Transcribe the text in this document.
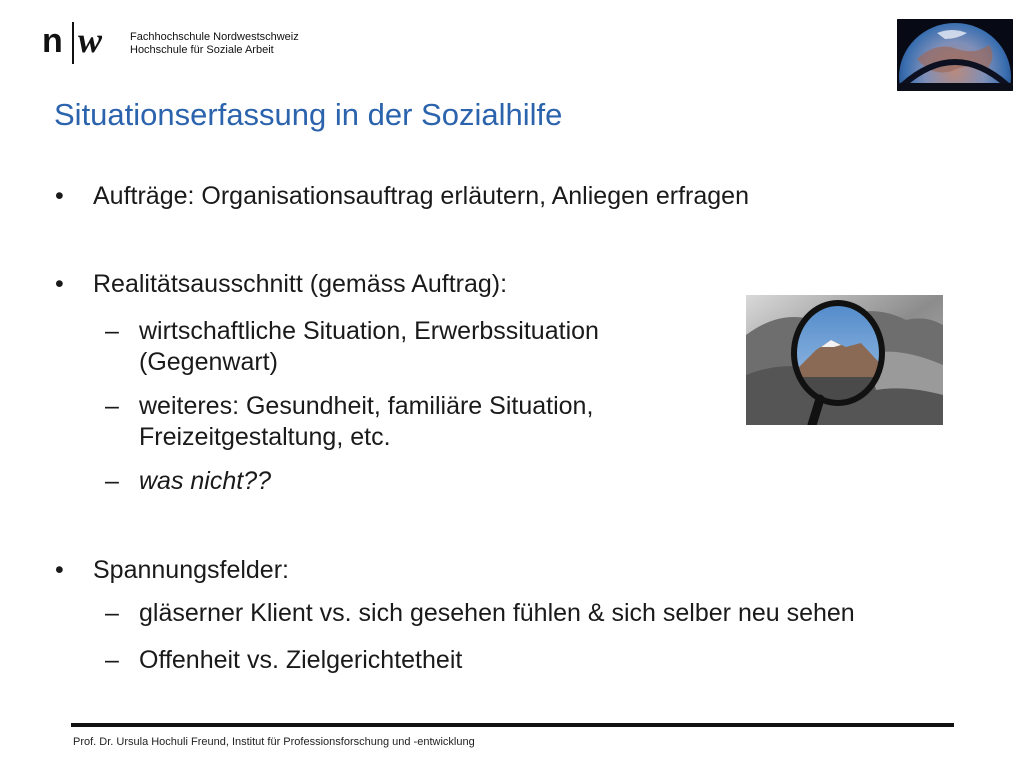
n w	Fachhochschule Nordwestschweiz
Hochschule für Soziale Arbeit
Situationserfassung in der Sozialhilfe
• Aufträge: Organisationsauftrag erläutern, Anliegen erfragen
• Realitätsausschnitt (gemäss Auftrag):
– wirtschaftliche Situation, Erwerbssituation
(Gegenwart)
– weiteres: Gesundheit, familiäre Situation,
Freizeitgestaltung, etc.
– was nicht??
• Spannungsfelder:
– gläserner Klient vs. sich gesehen fühlen & sich selber neu sehen
– Offenheit vs. Zielgerichtetheit
Prof. Dr. Ursula Hochuli Freund, Institut für Professionsforschung und -entwicklung
